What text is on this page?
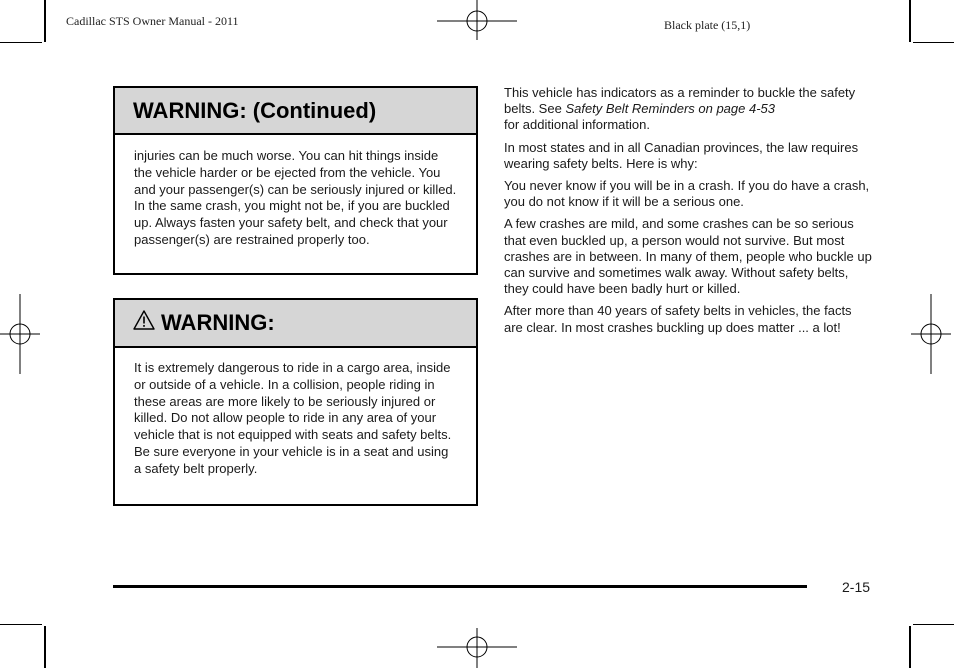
Cadillac STS Owner Manual - 2011	Black plate (15,1)
WARNING: (Continued)
injuries can be much worse. You can hit things inside the vehicle harder or be ejected from the vehicle. You and your passenger(s) can be seriously injured or killed. In the same crash, you might not be, if you are buckled up. Always fasten your safety belt, and check that your passenger(s) are restrained properly too.
WARNING:
It is extremely dangerous to ride in a cargo area, inside or outside of a vehicle. In a collision, people riding in these areas are more likely to be seriously injured or killed. Do not allow people to ride in any area of your vehicle that is not equipped with seats and safety belts. Be sure everyone in your vehicle is in a seat and using a safety belt properly.

This vehicle has indicators as a reminder to buckle the safety belts. See Safety Belt Reminders on page 4‑53
for additional information.

In most states and in all Canadian provinces, the law requires wearing safety belts. Here is why:

You never know if you will be in a crash. If you do have a crash, you do not know if it will be a serious one.

A few crashes are mild, and some crashes can be so serious that even buckled up, a person would not survive. But most crashes are in between. In many of them, people who buckle up can survive and sometimes walk away. Without safety belts, they could have been badly hurt or killed.

After more than 40 years of safety belts in vehicles, the facts are clear. In most crashes buckling up does matter ... a lot!

2-15
